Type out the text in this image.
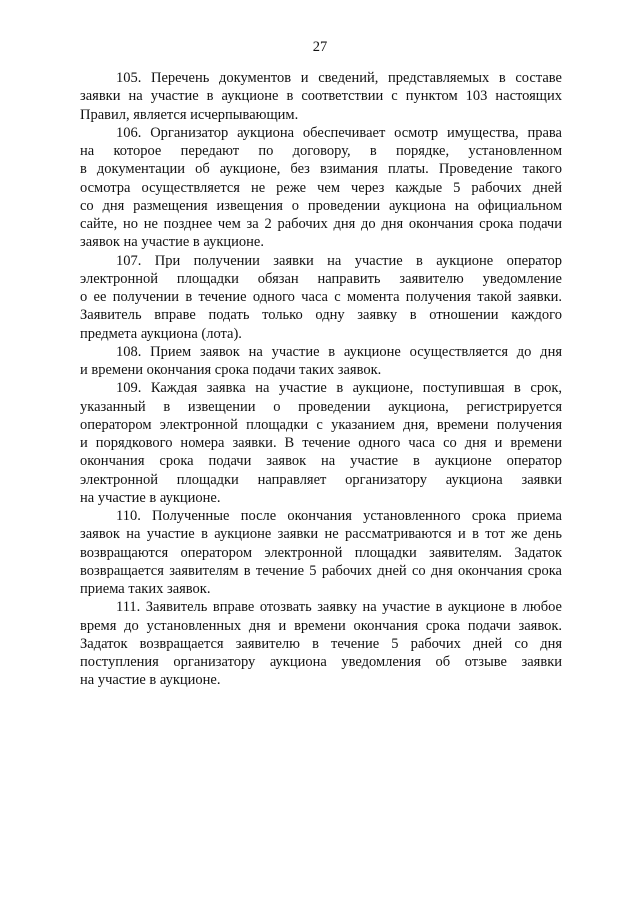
27
105. Перечень документов и сведений, представляемых в составе
заявки на участие в аукционе в соответствии с пунктом 103 настоящих
Правил, является исчерпывающим.
106. Организатор аукциона обеспечивает осмотр имущества, права
на которое передают по договору, в порядке, установленном
в документации об аукционе, без взимания платы. Проведение такого
осмотра осуществляется не реже чем через каждые 5 рабочих дней
со дня размещения извещения о проведении аукциона на официальном
сайте, но не позднее чем за 2 рабочих дня до дня окончания срока подачи
заявок на участие в аукционе.
107. При получении заявки на участие в аукционе оператор
электронной площадки обязан направить заявителю уведомление
о ее получении в течение одного часа с момента получения такой заявки.
Заявитель вправе подать только одну заявку в отношении каждого
предмета аукциона (лота).
108. Прием заявок на участие в аукционе осуществляется до дня
и времени окончания срока подачи таких заявок.
109. Каждая заявка на участие в аукционе, поступившая в срок,
указанный в извещении о проведении аукциона, регистрируется
оператором электронной площадки с указанием дня, времени получения
и порядкового номера заявки. В течение одного часа со дня и времени
окончания срока подачи заявок на участие в аукционе оператор
электронной площадки направляет организатору аукциона заявки
на участие в аукционе.
110. Полученные после окончания установленного срока приема
заявок на участие в аукционе заявки не рассматриваются и в тот же день
возвращаются оператором электронной площадки заявителям. Задаток
возвращается заявителям в течение 5 рабочих дней со дня окончания срока
приема таких заявок.
111. Заявитель вправе отозвать заявку на участие в аукционе в любое
время до установленных дня и времени окончания срока подачи заявок.
Задаток возвращается заявителю в течение 5 рабочих дней со дня
поступления организатору аукциона уведомления об отзыве заявки
на участие в аукционе.
